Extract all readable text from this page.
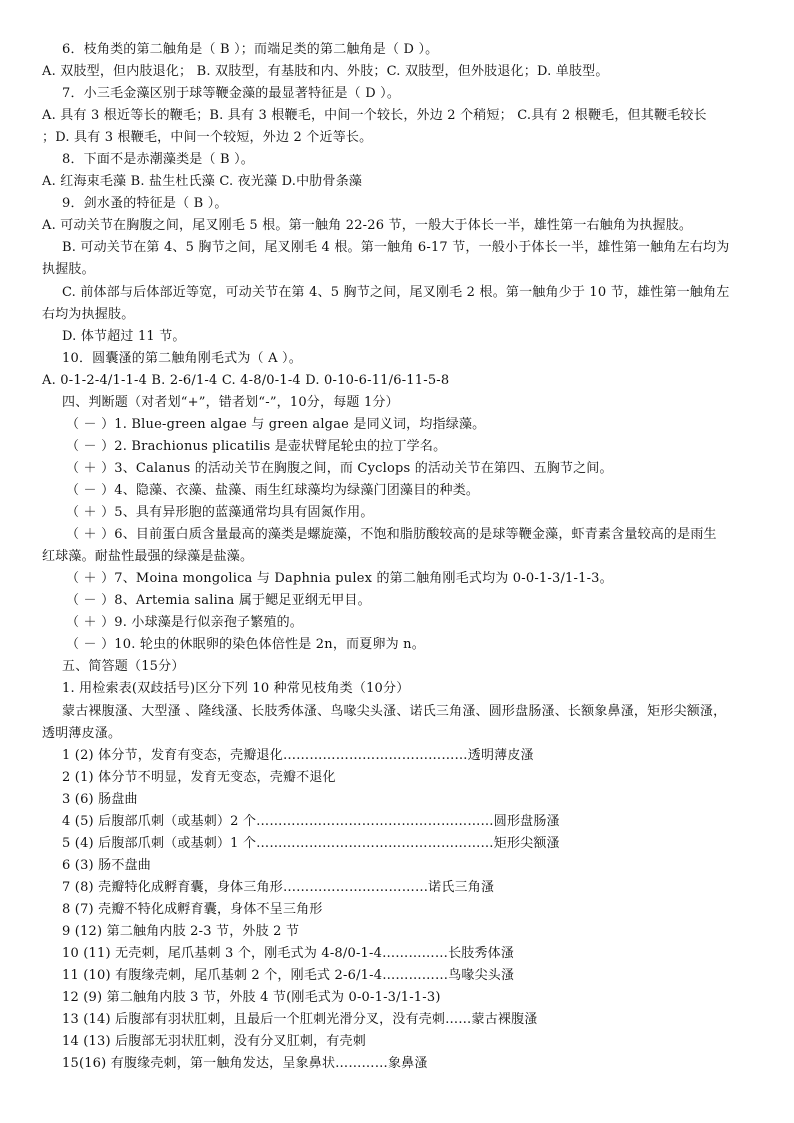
6．枝角类的第二触角是（ B ）；而端足类的第二触角是（ D ）。
A. 双肢型，但内肢退化； B. 双肢型，有基肢和内、外肢；C. 双肢型，但外肢退化；D. 单肢型。
7．小三毛金藻区别于球等鞭金藻的最显著特征是（ D ）。
A. 具有 3 根近等长的鞭毛；B. 具有 3 根鞭毛，中间一个较长，外边 2 个稍短； C.具有 2 根鞭毛，但其鞭毛较长
；D. 具有 3 根鞭毛，中间一个较短，外边 2 个近等长。
8．下面不是赤潮藻类是（ B ）。
A. 红海束毛藻 B. 盐生杜氏藻 C. 夜光藻 D.中肋骨条藻
9．剑水蚤的特征是（ B ）。
A. 可动关节在胸腹之间，尾叉刚毛 5 根。第一触角 22-26 节，一般大于体长一半，雄性第一右触角为执握肢。
B. 可动关节在第 4、5 胸节之间，尾叉刚毛 4 根。第一触角 6-17 节，一般小于体长一半，雄性第一触角左右均为
执握肢。
C. 前体部与后体部近等宽，可动关节在第 4、5 胸节之间，尾叉刚毛 2 根。第一触角少于 10 节，雄性第一触角左
右均为执握肢。
D. 体节超过 11 节。
10．圆囊溞的第二触角刚毛式为（ A ）。
A. 0-1-2-4/1-1-4 B. 2-6/1-4 C. 4-8/0-1-4 D. 0-10-6-11/6-11-5-8
四、判断题（对者划“+”，错者划“-”，10分，每题 1分）
（ － ）1. Blue-green algae 与 green algae 是同义词，均指绿藻。
（ － ）2. Brachionus plicatilis 是壶状臂尾轮虫的拉丁学名。
（ ＋ ）3、Calanus 的活动关节在胸腹之间，而 Cyclops 的活动关节在第四、五胸节之间。
（ － ）4、隐藻、衣藻、盐藻、雨生红球藻均为绿藻门团藻目的种类。
（ ＋ ）5、具有异形胞的蓝藻通常均具有固氮作用。
（ ＋ ）6、目前蛋白质含量最高的藻类是螺旋藻，不饱和脂肪酸较高的是球等鞭金藻，虾青素含量较高的是雨生
红球藻。耐盐性最强的绿藻是盐藻。
（ ＋ ）7、Moina mongolica 与 Daphnia pulex 的第二触角刚毛式均为 0-0-1-3/1-1-3。
（ － ）8、Artemia salina 属于鳃足亚纲无甲目。
（ ＋ ）9. 小球藻是行似亲孢子繁殖的。
（ － ）10. 轮虫的休眠卵的染色体倍性是 2n，而夏卵为 n。
五、简答题（15分）
1. 用检索表(双歧括号)区分下列 10 种常见枝角类（10分）
蒙古裸腹溞、大型溞 、隆线溞、长肢秀体溞、鸟喙尖头溞、诺氏三角溞、圆形盘肠溞、长额象鼻溞，矩形尖额溞，
透明薄皮溞。
1 (2) 体分节，发育有变态，壳瓣退化……………………………………透明薄皮溞
2 (1) 体分节不明显，发育无变态，壳瓣不退化
3 (6) 肠盘曲
4 (5) 后腹部爪刺（或基刺）2 个………………………………………………圆形盘肠溞
5 (4) 后腹部爪刺（或基刺）1 个………………………………………………矩形尖额溞
6 (3) 肠不盘曲
7 (8) 壳瓣特化成孵育囊，身体三角形……………………………诺氏三角溞
8 (7) 壳瓣不特化成孵育囊，身体不呈三角形
9 (12) 第二触角内肢 2-3 节，外肢 2 节
10 (11) 无壳刺，尾爪基刺 3 个，刚毛式为 4-8/0-1-4……………长肢秀体溞
11 (10) 有腹缘壳刺，尾爪基刺 2 个，刚毛式 2-6/1-4……………鸟喙尖头溞
12 (9) 第二触角内肢 3 节，外肢 4 节(刚毛式为 0-0-1-3/1-1-3)
13 (14) 后腹部有羽状肛刺，且最后一个肛刺光滑分叉，没有壳刺……蒙古裸腹溞
14 (13) 后腹部无羽状肛刺，没有分叉肛刺，有壳刺
15(16) 有腹缘壳刺，第一触角发达，呈象鼻状…………象鼻溞
